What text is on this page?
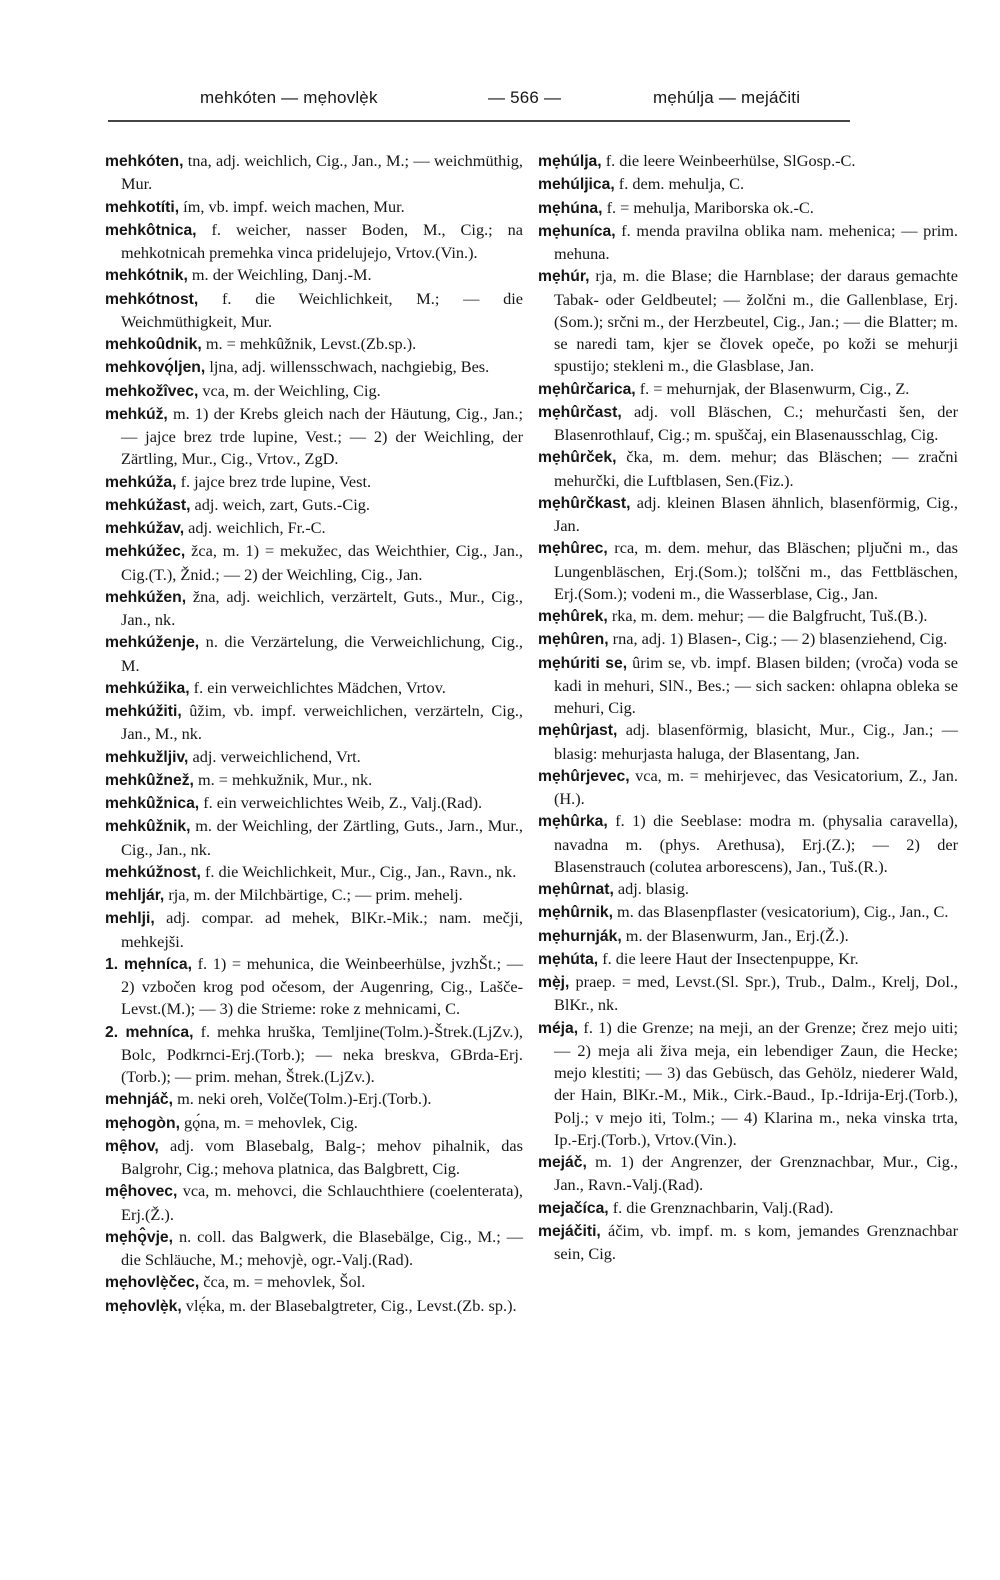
mehkóten — mẹhovlẹ̀k	— 566 —	mẹhúlja — mejáčiti

mehkóten, tna, adj. weichlich, Cig., Jan., M.; — weichmüthig, Mur.

mehkotíti, ím, vb. impf. weich machen, Mur.

mehkôtnica, f. weicher, nasser Boden, M., Cig.; na mehkotnicah premehka vinca pridelujejo, Vrtov.(Vin.).

mehkótnik, m. der Weichling, Danj.-M.

mehkótnost, f. die Weichlichkeit, M.; — die Weichmüthigkeit, Mur.

mehkoûdnik, m. = mehkûžnik, Levst.(Zb.sp.).

mehkovǫ́ljen, ljna, adj. willensschwach, nachgiebig, Bes.

mehkožîvec, vca, m. der Weichling, Cig.

mehkúž, m. 1) der Krebs gleich nach der Häutung, Cig., Jan.; — jajce brez trde lupine, Vest.; — 2) der Weichling, der Zärtling, Mur., Cig., Vrtov., ZgD.

mehkúža, f. jajce brez trde lupine, Vest.

mehkúžast, adj. weich, zart, Guts.-Cig.

mehkúžav, adj. weichlich, Fr.-C.

mehkúžec, žca, m. 1) = mekužec, das Weichthier, Cig., Jan., Cig.(T.), Žnid.; — 2) der Weichling, Cig., Jan.

mehkúžen, žna, adj. weichlich, verzärtelt, Guts., Mur., Cig., Jan., nk.

mehkúženje, n. die Verzärtelung, die Verweichlichung, Cig., M.

mehkúžika, f. ein verweichlichtes Mädchen, Vrtov.

mehkúžiti, ûžim, vb. impf. verweichlichen, verzärteln, Cig., Jan., M., nk.

mehkužljiv, adj. verweichlichend, Vrt.

mehkûžnež, m. = mehkužnik, Mur., nk.

mehkûžnica, f. ein verweichlichtes Weib, Z., Valj.(Rad).

mehkûžnik, m. der Weichling, der Zärtling, Guts., Jarn., Mur., Cig., Jan., nk.

mehkúžnost, f. die Weichlichkeit, Mur., Cig., Jan., Ravn., nk.

mehljár, rja, m. der Milchbärtige, C.; — prim. mehelj.

mehlji, adj. compar. ad mehek, BlKr.-Mik.; nam. mečji, mehkejši.

1. mẹhníca, f. 1) = mehunica, die Weinbeerhülse, jvzhŠt.; — 2) vzbočen krog pod očesom, der Augenring, Cig., Lašče-Levst.(M.); — 3) die Strieme: roke z mehnicami, C.

2. mehníca, f. mehka hruška, Temljine(Tolm.)-Štrek.(LjZv.), Bolc, Podkrnci-Erj.(Torb.); — neka breskva, GBrda-Erj.(Torb.); — prim. mehan, Štrek.(LjZv.).

mehnjáč, m. neki oreh, Volče(Tolm.)-Erj.(Torb.).

mẹhogòn, gǫ́na, m. = mehovlek, Cig.

mẹ̑hov, adj. vom Blasebalg, Balg-; mehov pihalnik, das Balgrohr, Cig.; mehova platnica, das Balgbrett, Cig.

mệhovec, vca, m. mehovci, die Schlauchthiere (coelenterata), Erj.(Ž.).

mẹhǫ̂vje, n. coll. das Balgwerk, die Blasebälge, Cig., M.; — die Schläuche, M.; mehovjè, ogr.-Valj.(Rad).

mẹhovlẹ̀čec, čca, m. = mehovlek, Šol.

mẹhovlẹ̀k, vlẹ́ka, m. der Blasebalgtreter, Cig., Levst.(Zb. sp.).

mẹhúlja, f. die leere Weinbeerhülse, SlGosp.-C.

mehúljica, f. dem. mehulja, C.

mẹhúna, f. = mehulja, Mariborska ok.-C.

mẹhuníca, f. menda pravilna oblika nam. mehenica; — prim. mehuna.

mẹhúr, rja, m. die Blase; die Harnblase; der daraus gemachte Tabak- oder Geldbeutel; — žolčni m., die Gallenblase, Erj.(Som.); srčni m., der Herzbeutel, Cig., Jan.; — die Blatter; m. se naredi tam, kjer se človek opeče, po koži se mehurji spustijo; stekleni m., die Glasblase, Jan.

mẹhûrčarica, f. = mehurnjak, der Blasenwurm, Cig., Z.

mẹhûrčast, adj. voll Bläschen, C.; mehurčasti šen, der Blasenrothlauf, Cig.; m. spuščaj, ein Blasenausschlag, Cig.

mẹhûrček, čka, m. dem. mehur; das Bläschen; — zračni mehurčki, die Luftblasen, Sen.(Fiz.).

mẹhûrčkast, adj. kleinen Blasen ähnlich, blasenförmig, Cig., Jan.

mẹhûrec, rca, m. dem. mehur, das Bläschen; pljučni m., das Lungenbläschen, Erj.(Som.); tolščni m., das Fettbläschen, Erj.(Som.); vodeni m., die Wasserblase, Cig., Jan.

mẹhûrek, rka, m. dem. mehur; — die Balgfrucht, Tuš.(B.).

mẹhûren, rna, adj. 1) Blasen-, Cig.; — 2) blasenziehend, Cig.

mẹhúriti se, ûrim se, vb. impf. Blasen bilden; (vroča) voda se kadi in mehuri, SlN., Bes.; — sich sacken: ohlapna obleka se mehuri, Cig.

mẹhûrjast, adj. blasenförmig, blasicht, Mur., Cig., Jan.; — blasig: mehurjasta haluga, der Blasentang, Jan.

mẹhûrjevec, vca, m. = mehirjevec, das Vesicatorium, Z., Jan.(H.).

mẹhûrka, f. 1) die Seeblase: modra m. (physalia caravella), navadna m. (phys. Arethusa), Erj.(Z.); — 2) der Blasenstrauch (colutea arborescens), Jan., Tuš.(R.).

mẹhûrnat, adj. blasig.

mẹhûrnik, m. das Blasenpflaster (vesicatorium), Cig., Jan., C.

mẹhurnják, m. der Blasenwurm, Jan., Erj.(Ž.).

mẹhúta, f. die leere Haut der Insectenpuppe, Kr.

mẹ̀j, praep. = med, Levst.(Sl. Spr.), Trub., Dalm., Krelj, Dol., BlKr., nk.

méja, f. 1) die Grenze; na meji, an der Grenze; črez mejo uiti; — 2) meja ali živa meja, ein lebendiger Zaun, die Hecke; mejo klestiti; — 3) das Gebüsch, das Gehölz, niederer Wald, der Hain, BlKr.-M., Mik., Cirk.-Baud., Ip.-Idrija-Erj.(Torb.), Polj.; v mejo iti, Tolm.; — 4) Klarina m., neka vinska trta, Ip.-Erj.(Torb.), Vrtov.(Vin.).

mejáč, m. 1) der Angrenzer, der Grenznachbar, Mur., Cig., Jan., Ravn.-Valj.(Rad).

mejačíca, f. die Grenznachbarin, Valj.(Rad).

mejáčiti, áčim, vb. impf. m. s kom, jemandes Grenznachbar sein, Cig.
